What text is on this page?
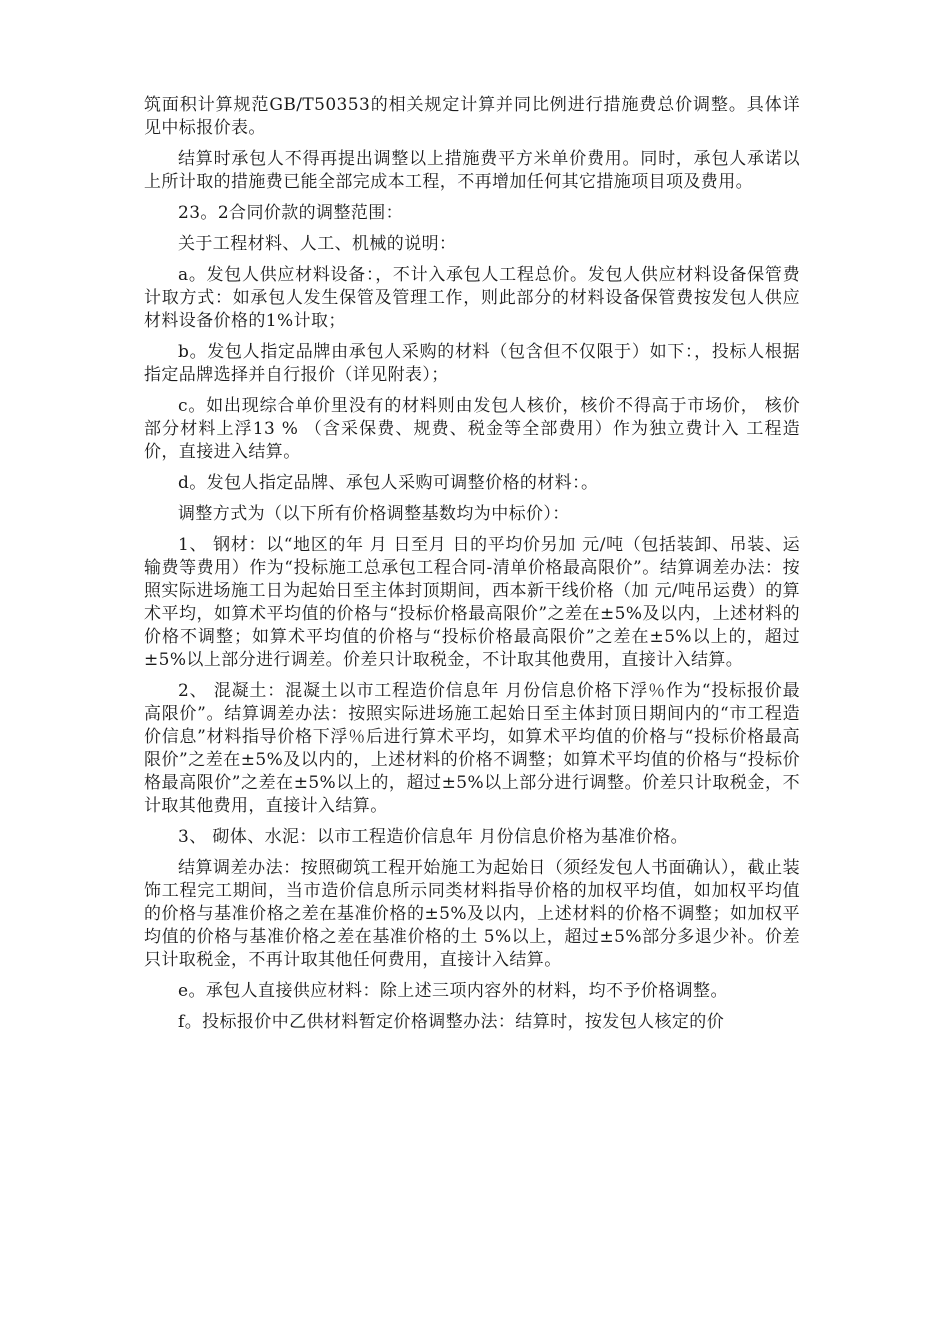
筑面积计算规范GB/T50353的相关规定计算并同比例进行措施费总价调整。具体详见中标报价表。

结算时承包人不得再提出调整以上措施费平方米单价费用。同时，承包人承诺以上所计取的措施费已能全部完成本工程，不再增加任何其它措施项目项及费用。

23。2合同价款的调整范围：

关于工程材料、人工、机械的说明：

a。发包人供应材料设备：，不计入承包人工程总价。发包人供应材料设备保管费计取方式：如承包人发生保管及管理工作，则此部分的材料设备保管费按发包人供应材料设备价格的1%计取；

b。发包人指定品牌由承包人采购的材料（包含但不仅限于）如下：，投标人根据指定品牌选择并自行报价（详见附表）；

c。如出现综合单价里没有的材料则由发包人核价，核价不得高于市场价， 核价部分材料上浮13 % （含采保费、规费、税金等全部费用）作为独立费计入 工程造价，直接进入结算。

d。发包人指定品牌、承包人采购可调整价格的材料：。

调整方式为（以下所有价格调整基数均为中标价）：

1、 钢材：以“地区的年 月 日至月 日的平均价另加 元/吨（包括装卸、吊装、运输费等费用）作为“投标施工总承包工程合同-清单价格最高限价”。结算调差办法：按照实际进场施工日为起始日至主体封顶期间，西本新干线价格（加 元/吨吊运费）的算术平均，如算术平均值的价格与“投标价格最高限价”之差在±5%及以内，上述材料的价格不调整；如算术平均值的价格与“投标价格最高限价”之差在±5%以上的，超过±5%以上部分进行调差。价差只计取税金，不计取其他费用，直接计入结算。

2、 混凝土：混凝土以市工程造价信息年 月份信息价格下浮％作为“投标报价最高限价”。结算调差办法：按照实际进场施工起始日至主体封顶日期间内的“市工程造价信息”材料指导价格下浮％后进行算术平均，如算术平均值的价格与“投标价格最高限价”之差在±5%及以内的，上述材料的价格不调整；如算术平均值的价格与“投标价格最高限价”之差在±5%以上的，超过±5%以上部分进行调整。价差只计取税金，不计取其他费用，直接计入结算。

3、 砌体、水泥：以市工程造价信息年 月份信息价格为基准价格。

结算调差办法：按照砌筑工程开始施工为起始日（须经发包人书面确认），截止装饰工程完工期间，当市造价信息所示同类材料指导价格的加权平均值，如加权平均值的价格与基准价格之差在基准价格的±5%及以内，上述材料的价格不调整；如加权平均值的价格与基准价格之差在基准价格的土 5%以上，超过±5%部分多退少补。价差只计取税金，不再计取其他任何费用，直接计入结算。

e。承包人直接供应材料：除上述三项内容外的材料，均不予价格调整。

f。投标报价中乙供材料暂定价格调整办法：结算时，按发包人核定的价
